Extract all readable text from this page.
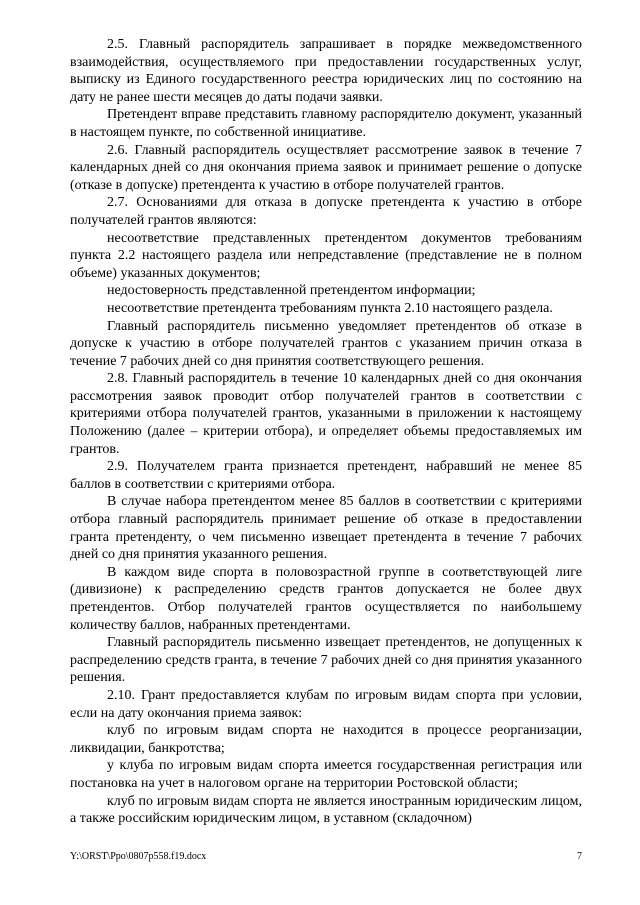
2.5. Главный распорядитель запрашивает в порядке межведомственного взаимодействия, осуществляемого при предоставлении государственных услуг, выписку из Единого государственного реестра юридических лиц по состоянию на дату не ранее шести месяцев до даты подачи заявки.

Претендент вправе представить главному распорядителю документ, указанный в настоящем пункте, по собственной инициативе.

2.6. Главный распорядитель осуществляет рассмотрение заявок в течение 7 календарных дней со дня окончания приема заявок и принимает решение о допуске (отказе в допуске) претендента к участию в отборе получателей грантов.

2.7. Основаниями для отказа в допуске претендента к участию в отборе получателей грантов являются:

несоответствие представленных претендентом документов требованиям пункта 2.2 настоящего раздела или непредставление (представление не в полном объеме) указанных документов;

недостоверность представленной претендентом информации;

несоответствие претендента требованиям пункта 2.10 настоящего раздела.

Главный распорядитель письменно уведомляет претендентов об отказе в допуске к участию в отборе получателей грантов с указанием причин отказа в течение 7 рабочих дней со дня принятия соответствующего решения.

2.8. Главный распорядитель в течение 10 календарных дней со дня окончания рассмотрения заявок проводит отбор получателей грантов в соответствии с критериями отбора получателей грантов, указанными в приложении к настоящему Положению (далее – критерии отбора), и определяет объемы предоставляемых им грантов.

2.9. Получателем гранта признается претендент, набравший не менее 85 баллов в соответствии с критериями отбора.

В случае набора претендентом менее 85 баллов в соответствии с критериями отбора главный распорядитель принимает решение об отказе в предоставлении гранта претенденту, о чем письменно извещает претендента в течение 7 рабочих дней со дня принятия указанного решения.

В каждом виде спорта в половозрастной группе в соответствующей лиге (дивизионе) к распределению средств грантов допускается не более двух претендентов. Отбор получателей грантов осуществляется по наибольшему количеству баллов, набранных претендентами.

Главный распорядитель письменно извещает претендентов, не допущенных к распределению средств гранта, в течение 7 рабочих дней со дня принятия указанного решения.

2.10. Грант предоставляется клубам по игровым видам спорта при условии, если на дату окончания приема заявок:

клуб по игровым видам спорта не находится в процессе реорганизации, ликвидации, банкротства;

у клуба по игровым видам спорта имеется государственная регистрация или постановка на учет в налоговом органе на территории Ростовской области;

клуб по игровым видам спорта не является иностранным юридическим лицом, а также российским юридическим лицом, в уставном (складочном)

Y:\ORST\Ppo\0807p558.f19.docx	7
